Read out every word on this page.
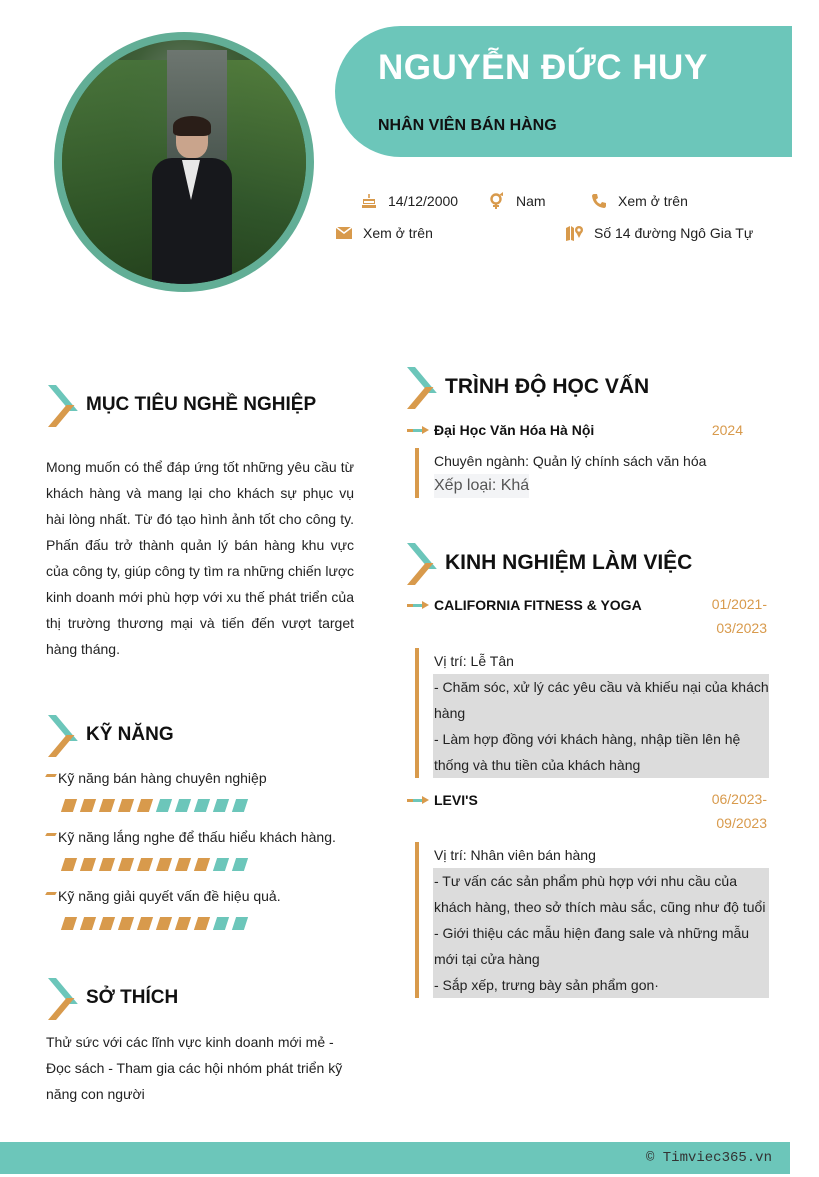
NGUYỄN ĐỨC HUY
NHÂN VIÊN BÁN HÀNG
14/12/2000	Nam	Xem ở trên
Xem ở trên	Số 14 đường Ngô Gia Tự
MỤC TIÊU NGHỀ NGHIỆP
Mong muốn có thể đáp ứng tốt những yêu cầu từ khách hàng và mang lại cho khách sự phục vụ hài lòng nhất. Từ đó tạo hình ảnh tốt cho công ty. Phấn đấu trở thành quản lý bán hàng khu vực của công ty, giúp công ty tìm ra những chiến lược kinh doanh mới phù hợp với xu thế phát triển của thị trường thương mại và tiến đến vượt target hàng tháng.
KỸ NĂNG
Kỹ năng bán hàng chuyên nghiệp
Kỹ năng lắng nghe để thấu hiểu khách hàng.
Kỹ năng giải quyết vấn đề hiệu quả.
SỞ THÍCH
Thử sức với các lĩnh vực kinh doanh mới mẻ - Đọc sách - Tham gia các hội nhóm phát triển kỹ năng con người
TRÌNH ĐỘ HỌC VẤN
Đại Học Văn Hóa Hà Nội	2024
Chuyên ngành: Quản lý chính sách văn hóa
Xếp loại: Khá
KINH NGHIỆM LÀM VIỆC
CALIFORNIA FITNESS & YOGA	01/2021-
03/2023
Vị trí: Lễ Tân
- Chăm sóc, xử lý các yêu cầu và khiếu nại của khách hàng
- Làm hợp đồng với khách hàng, nhập tiền lên hệ thống và thu tiền của khách hàng
LEVI'S	06/2023-
09/2023
Vị trí: Nhân viên bán hàng
- Tư vấn các sản phẩm phù hợp với nhu cầu của khách hàng, theo sở thích màu sắc, cũng như độ tuổi
- Giới thiệu các mẫu hiện đang sale và những mẫu mới tại cửa hàng
- Sắp xếp, trưng bày sản phẩm gon·
© Timviec365.vn
